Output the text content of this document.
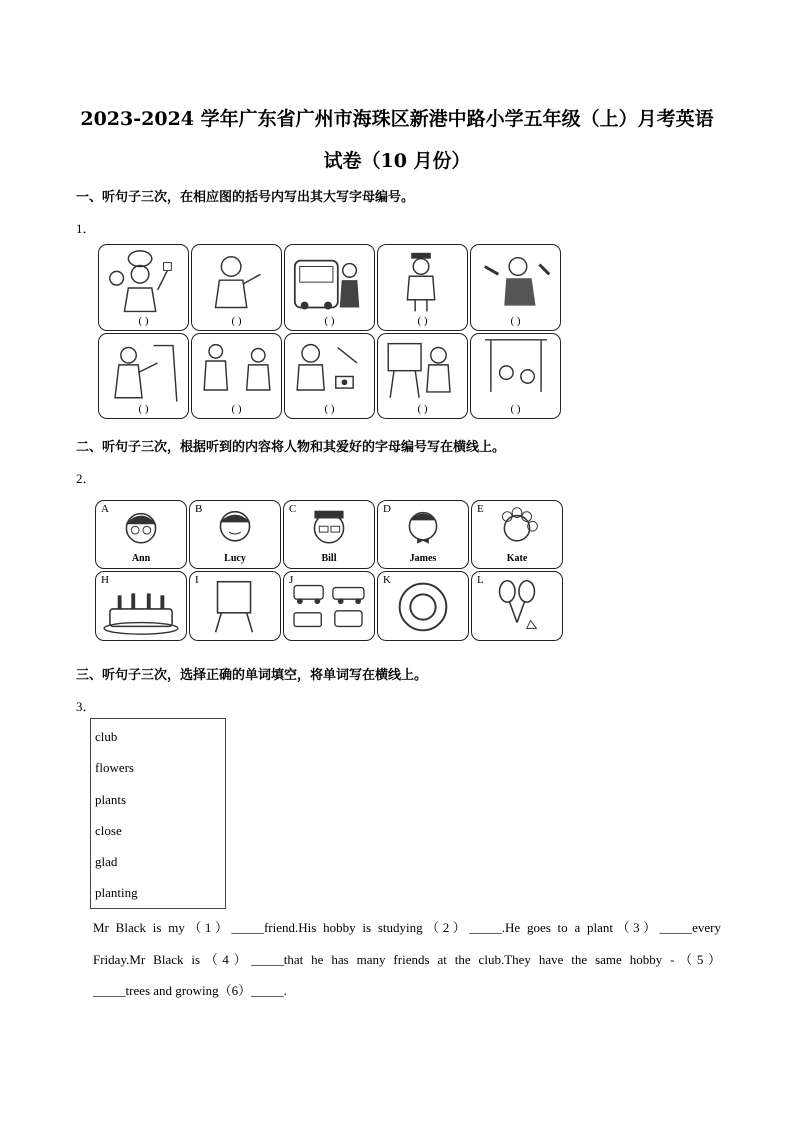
2023-2024 学年广东省广州市海珠区新港中路小学五年级（上）月考英语
试卷（10 月份）
一、听句子三次，在相应图的括号内写出其大写字母编号。
1．
( )	( )	( )	( )	( )
( )	( )	( )	( )	( )
二、听句子三次，根据听到的内容将人物和其爱好的字母编号写在横线上。
2．
A
Ann
B
Lucy
C
Bill
D
James
E
Kate
H	I	J	K	L
三、听句子三次，选择正确的单词填空，将单词写在横线上。
3．
club
flowers
plants
close
glad
planting
Mr Black is my（1）_____friend.His hobby is studying（2）_____.He goes to a plant（3）_____every
Friday.Mr Black is（4）_____that he has many friends at the club.They have the same hobby -（5）
_____trees and growing（6）_____.
